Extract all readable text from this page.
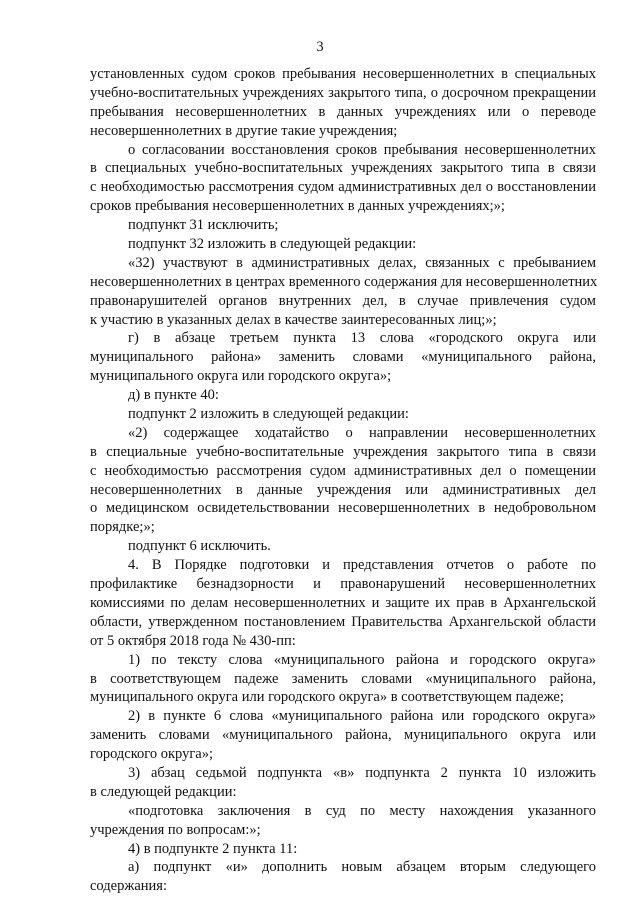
3
установленных судом сроков пребывания несовершеннолетних в специальных
учебно-воспитательных учреждениях закрытого типа, о досрочном прекращении
пребывания несовершеннолетних в данных учреждениях или о переводе
несовершеннолетних в другие такие учреждения;
о согласовании восстановления сроков пребывания несовершеннолетних
в специальных учебно-воспитательных учреждениях закрытого типа в связи
с необходимостью рассмотрения судом административных дел о восстановлении
сроков пребывания несовершеннолетних в данных учреждениях;»;
подпункт 31 исключить;
подпункт 32 изложить в следующей редакции:
«32) участвуют в административных делах, связанных с пребыванием
несовершеннолетних в центрах временного содержания для несовершеннолетних
правонарушителей органов внутренних дел, в случае привлечения судом
к участию в указанных делах в качестве заинтересованных лиц;»;
г) в абзаце третьем пункта 13 слова «городского округа или
муниципального района» заменить словами «муниципального района,
муниципального округа или городского округа»;
д) в пункте 40:
подпункт 2 изложить в следующей редакции:
«2) содержащее ходатайство о направлении несовершеннолетних
в специальные учебно-воспитательные учреждения закрытого типа в связи
с необходимостью рассмотрения судом административных дел о помещении
несовершеннолетних в данные учреждения или административных дел
о медицинском освидетельствовании несовершеннолетних в недобровольном
порядке;»;
подпункт 6 исключить.
4. В Порядке подготовки и представления отчетов о работе по
профилактике безнадзорности и правонарушений несовершеннолетних
комиссиями по делам несовершеннолетних и защите их прав в Архангельской
области, утвержденном постановлением Правительства Архангельской области
от 5 октября 2018 года № 430-пп:
1) по тексту слова «муниципального района и городского округа»
в соответствующем падеже заменить словами «муниципального района,
муниципального округа или городского округа» в соответствующем падеже;
2) в пункте 6 слова «муниципального района или городского округа»
заменить словами «муниципального района, муниципального округа или
городского округа»;
3) абзац седьмой подпункта «в» подпункта 2 пункта 10 изложить
в следующей редакции:
«подготовка заключения в суд по месту нахождения указанного
учреждения по вопросам:»;
4) в подпункте 2 пункта 11:
а) подпункт «и» дополнить новым абзацем вторым следующего
содержания:
